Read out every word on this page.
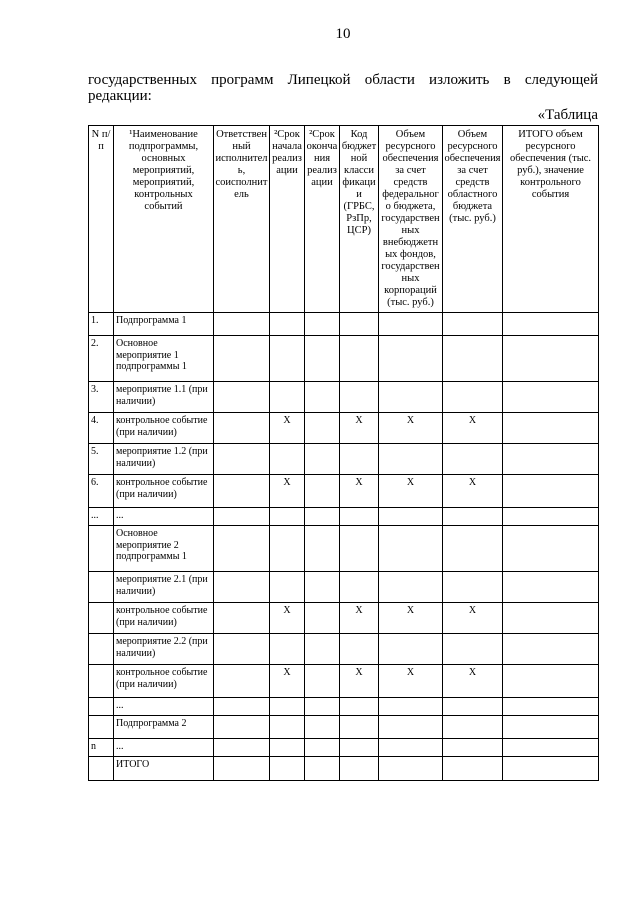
10
государственных программ Липецкой области изложить в следующей
редакции:
«Таблица
N п/п	¹Наименование подпрограммы, основных мероприятий, мероприятий, контрольных событий	Ответственный исполнитель, соисполнитель	²Срок начала реализации	²Срок окончания реализации	Код бюджетной классификации (ГРБС, РзПр, ЦСР)	Объем ресурсного обеспечения за счет средств федерального бюджета, государственных внебюджетных фондов, государственных корпораций (тыс. руб.)	Объем ресурсного обеспечения за счет средств областного бюджета (тыс. руб.)	ИТОГО объем ресурсного обеспечения (тыс. руб.), значение контрольного события
1.	Подпрограмма 1							
2.	Основное мероприятие 1 подпрограммы 1							
3.	мероприятие 1.1 (при наличии)							
4.	контрольное событие (при наличии)		X		X	X	X	
5.	мероприятие 1.2 (при наличии)							
6.	контрольное событие (при наличии)		X		X	X	X	
...	...							
	Основное мероприятие 2 подпрограммы 1							
	мероприятие 2.1 (при наличии)							
	контрольное событие (при наличии)		X		X	X	X	
	мероприятие 2.2 (при наличии)							
	контрольное событие (при наличии)		X		X	X	X	
	...							
	Подпрограмма 2							
n	...							
	ИТОГО							
